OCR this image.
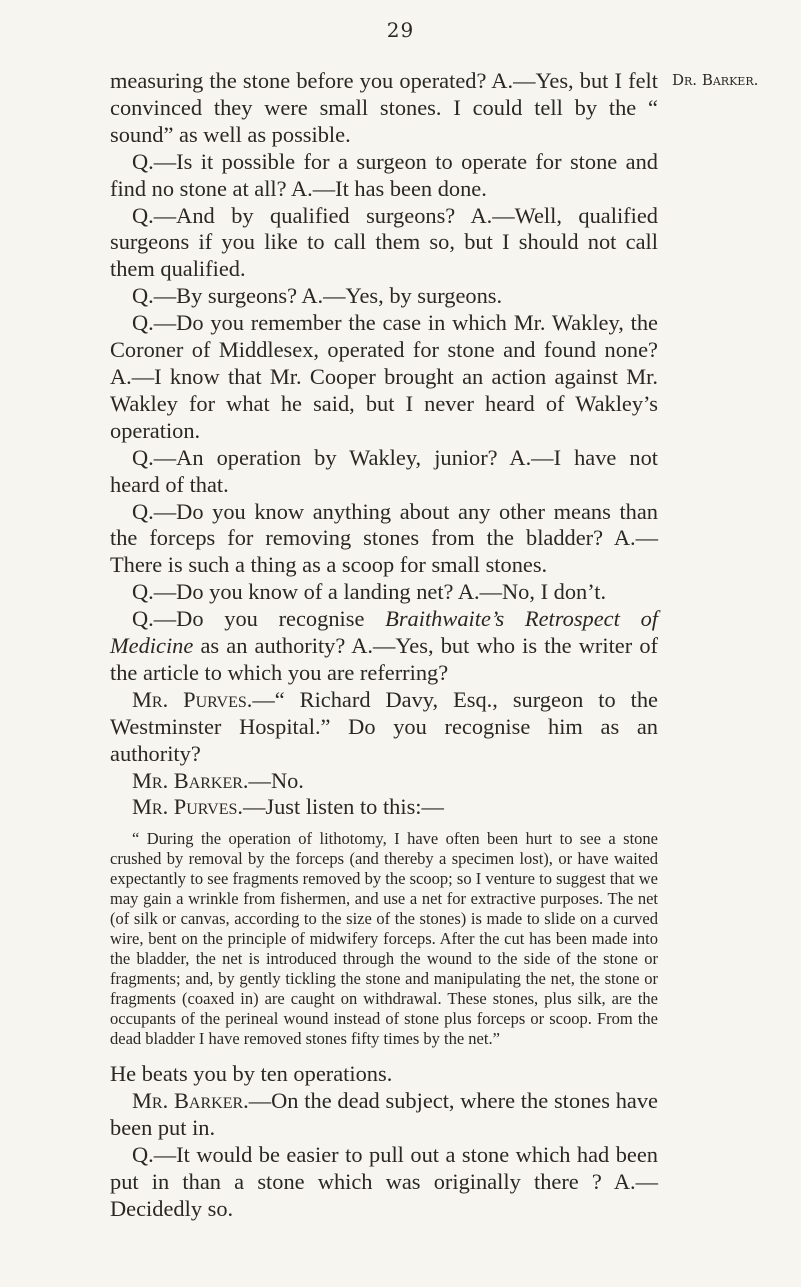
29
Dr. Barker.

measuring the stone before you operated? A.—Yes, but I felt convinced they were small stones. I could tell by the “ sound” as well as possible.

Q.—Is it possible for a surgeon to operate for stone and find no stone at all? A.—It has been done.

Q.—And by qualified surgeons? A.—Well, qualified surgeons if you like to call them so, but I should not call them qualified.

Q.—By surgeons? A.—Yes, by surgeons.

Q.—Do you remember the case in which Mr. Wakley, the Coroner of Middlesex, operated for stone and found none? A.—I know that Mr. Cooper brought an action against Mr. Wakley for what he said, but I never heard of Wakley’s operation.

Q.—An operation by Wakley, junior? A.—I have not heard of that.

Q.—Do you know anything about any other means than the forceps for removing stones from the bladder? A.—There is such a thing as a scoop for small stones.

Q.—Do you know of a landing net? A.—No, I don’t.

Q.—Do you recognise Braithwaite’s Retrospect of Medicine as an authority? A.—Yes, but who is the writer of the article to which you are referring?

Mr. Purves.—“ Richard Davy, Esq., surgeon to the Westminster Hospital.” Do you recognise him as an authority?

Mr. Barker.—No.

Mr. Purves.—Just listen to this:—

“ During the operation of lithotomy, I have often been hurt to see a stone crushed by removal by the forceps (and thereby a specimen lost), or have waited expectantly to see fragments removed by the scoop; so I venture to suggest that we may gain a wrinkle from fishermen, and use a net for extractive purposes. The net (of silk or canvas, according to the size of the stones) is made to slide on a curved wire, bent on the principle of midwifery forceps. After the cut has been made into the bladder, the net is introduced through the wound to the side of the stone or fragments; and, by gently tickling the stone and manipulating the net, the stone or fragments (coaxed in) are caught on withdrawal. These stones, plus silk, are the occupants of the perineal wound instead of stone plus forceps or scoop. From the dead bladder I have removed stones fifty times by the net.”

He beats you by ten operations.

Mr. Barker.—On the dead subject, where the stones have been put in.

Q.—It would be easier to pull out a stone which had been put in than a stone which was originally there ? A.—Decidedly so.
